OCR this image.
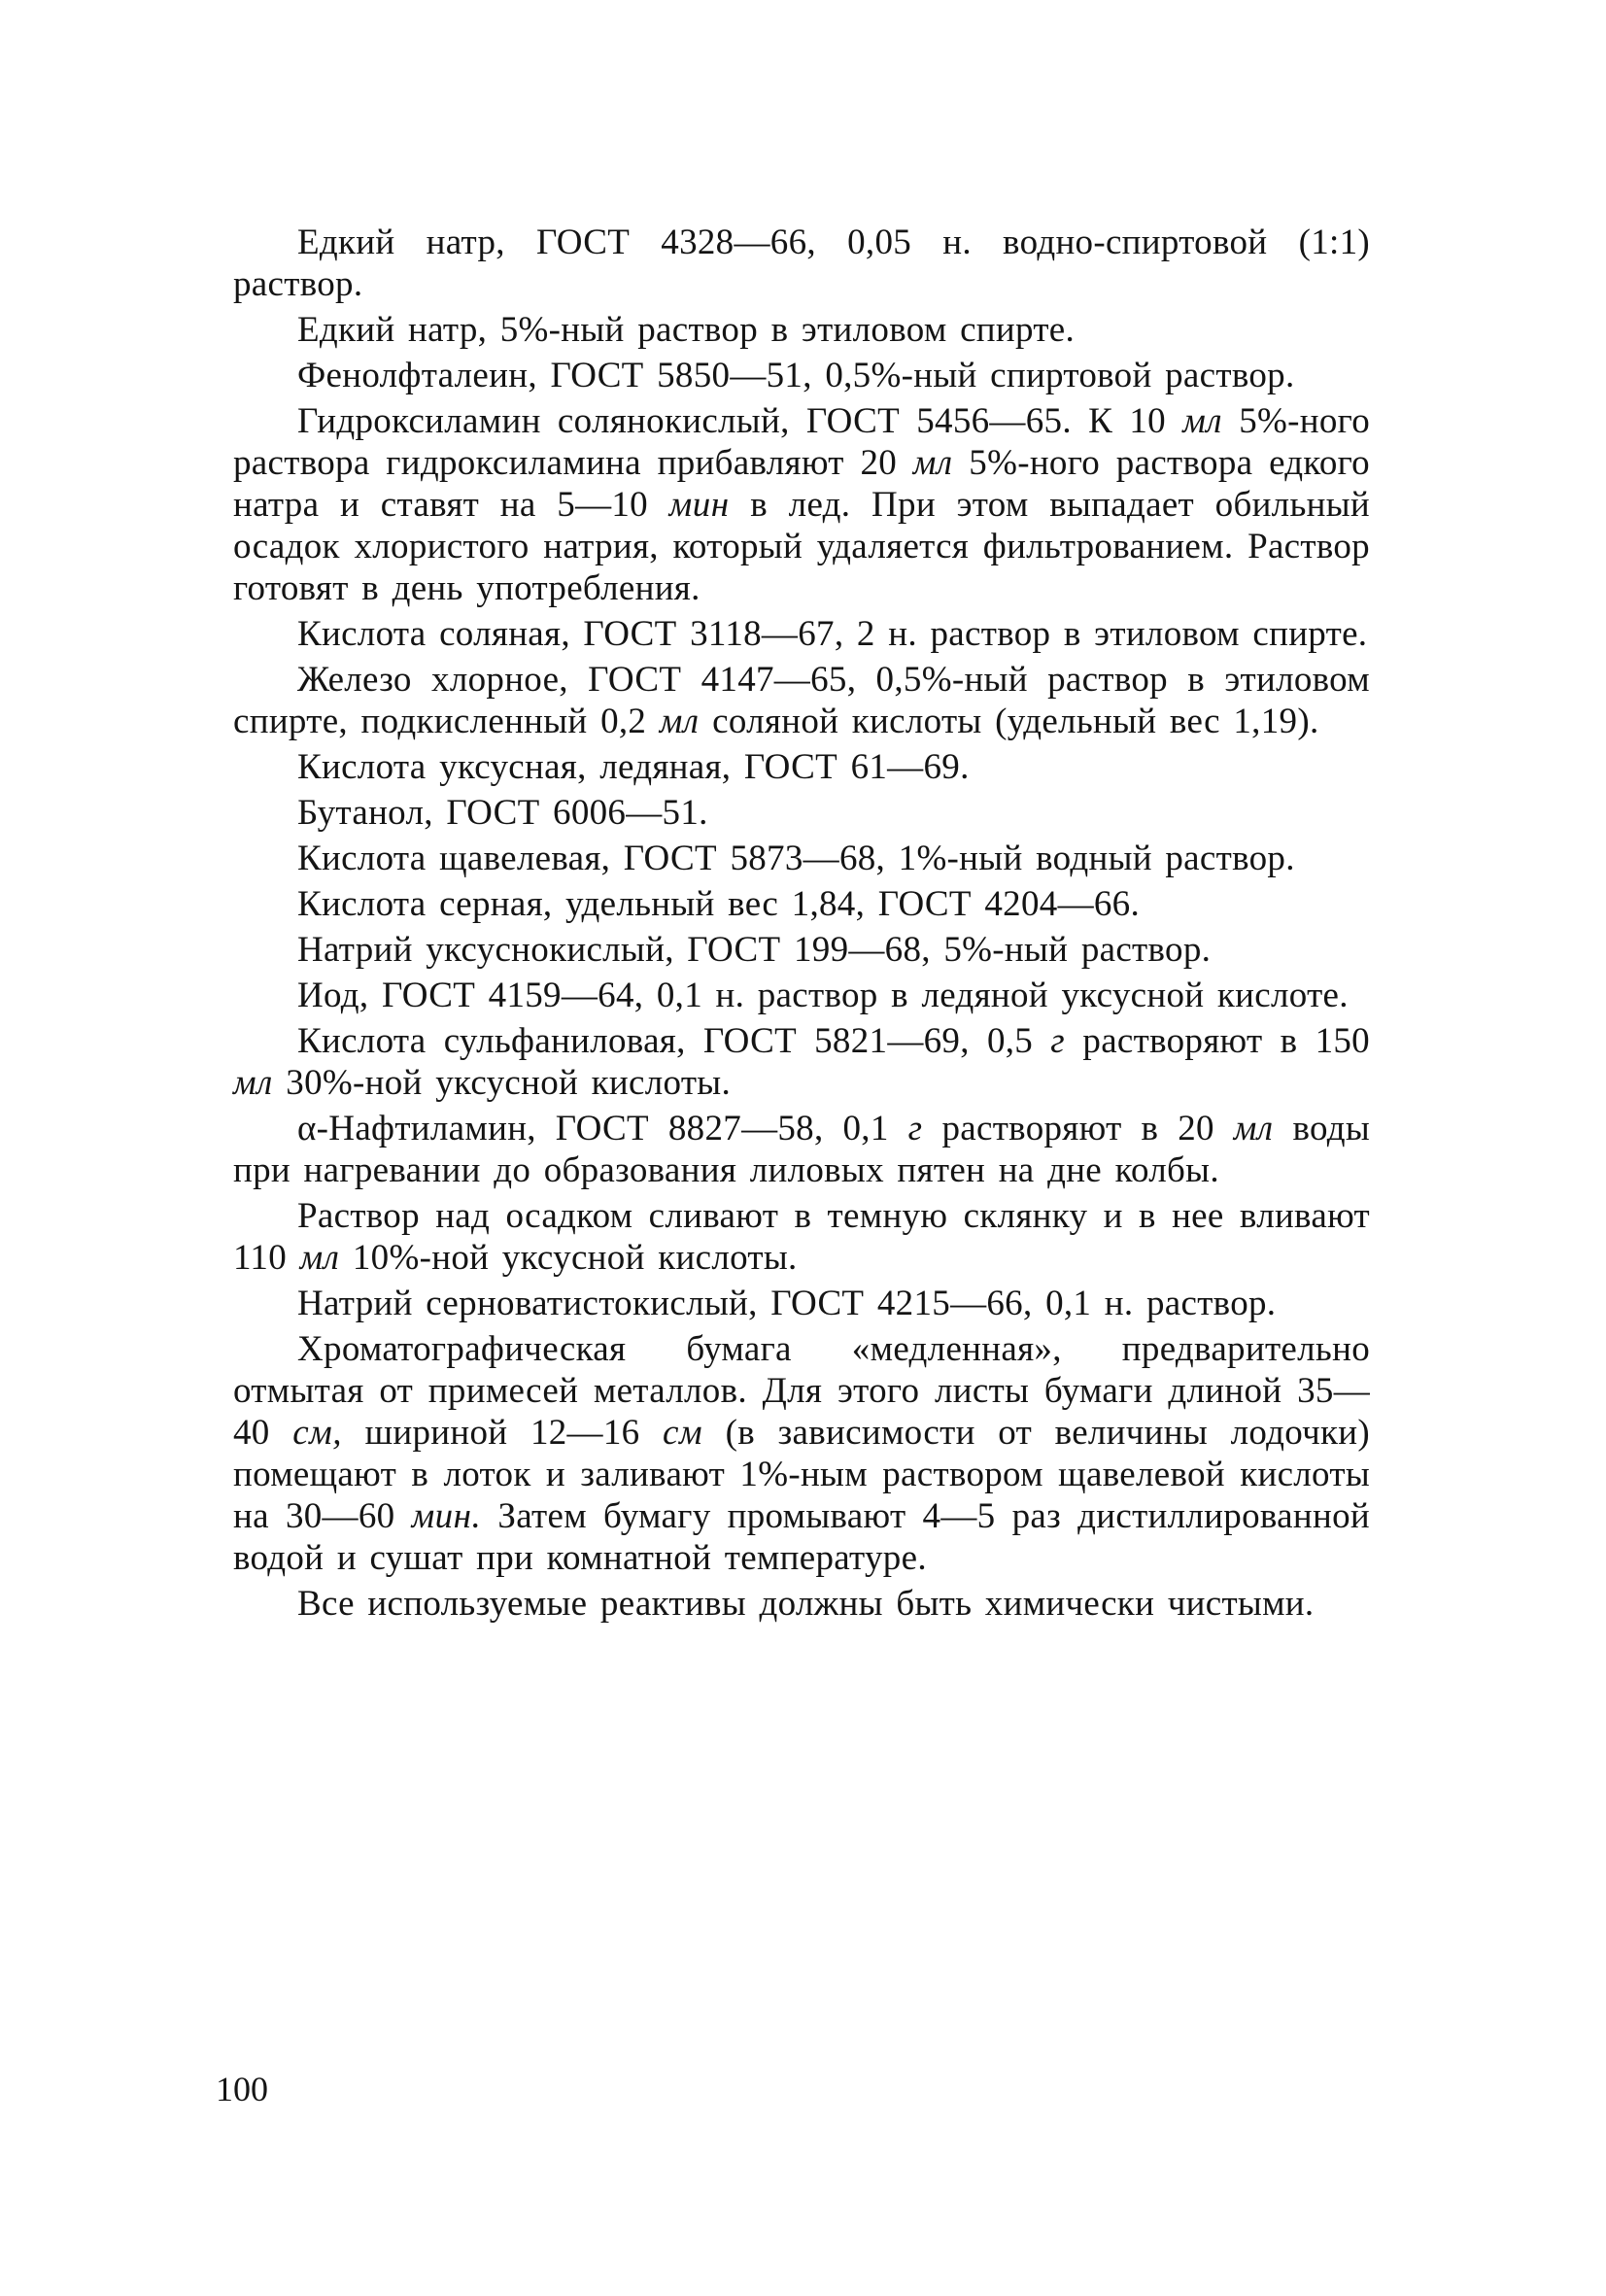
Едкий натр, ГОСТ 4328—66, 0,05 н. водно-спиртовой (1:1) раствор.

Едкий натр, 5%-ный раствор в этиловом спирте.

Фенолфталеин, ГОСТ 5850—51, 0,5%-ный спиртовой раствор.

Гидроксиламин солянокислый, ГОСТ 5456—65. К 10 мл 5%-ного раствора гидроксиламина прибавляют 20 мл 5%-ного раствора едкого натра и ставят на 5—10 мин в лед. При этом выпадает обильный осадок хлористого натрия, который удаляется фильтрованием. Раствор готовят в день употребления.

Кислота соляная, ГОСТ 3118—67, 2 н. раствор в этиловом спирте.

Железо хлорное, ГОСТ 4147—65, 0,5%-ный раствор в этиловом спирте, подкисленный 0,2 мл соляной кислоты (удельный вес 1,19).

Кислота уксусная, ледяная, ГОСТ 61—69.

Бутанол, ГОСТ 6006—51.

Кислота щавелевая, ГОСТ 5873—68, 1%-ный водный раствор.

Кислота серная, удельный вес 1,84, ГОСТ 4204—66.

Натрий уксуснокислый, ГОСТ 199—68, 5%-ный раствор.

Иод, ГОСТ 4159—64, 0,1 н. раствор в ледяной уксусной кислоте.

Кислота сульфаниловая, ГОСТ 5821—69, 0,5 г растворяют в 150 мл 30%-ной уксусной кислоты.

α-Нафтиламин, ГОСТ 8827—58, 0,1 г растворяют в 20 мл воды при нагревании до образования лиловых пятен на дне колбы.

Раствор над осадком сливают в темную склянку и в нее вливают 110 мл 10%-ной уксусной кислоты.

Натрий серноватистокислый, ГОСТ 4215—66, 0,1 н. раствор.

Хроматографическая бумага «медленная», предварительно отмытая от примесей металлов. Для этого листы бумаги длиной 35—40 см, шириной 12—16 см (в зависимости от величины лодочки) помещают в лоток и заливают 1%-ным раствором щавелевой кислоты на 30—60 мин. Затем бумагу промывают 4—5 раз дистиллированной водой и сушат при комнатной температуре.

Все используемые реактивы должны быть химически чистыми.

100
